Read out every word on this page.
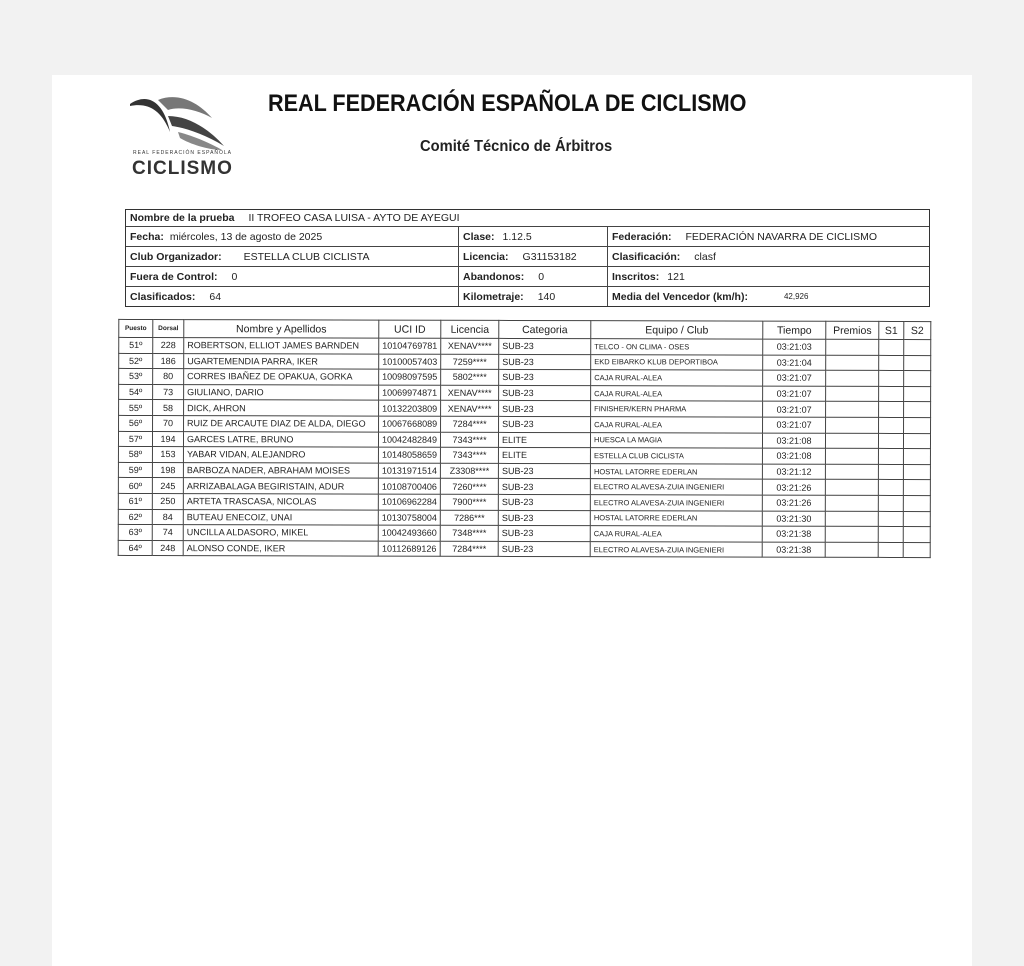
REAL FEDERACIÓN ESPAÑOLA
CICLISMO
REAL FEDERACIÓN ESPAÑOLA DE CICLISMO
Comité Técnico de Árbitros
Nombre de la prueba II TROFEO CASA LUISA - AYTO DE AYEGUI
Fecha: miércoles, 13 de agosto de 2025	Clase: 1.12.5	Federación: FEDERACIÓN NAVARRA DE CICLISMO
Club Organizador: ESTELLA CLUB CICLISTA	Licencia: G31153182	Clasificación: clasf
Fuera de Control: 0	Abandonos: 0	Inscritos: 121
Clasificados: 64	Kilometraje: 140	Media del Vencedor (km/h):	42,926
Puesto	Dorsal	Nombre y Apellidos	UCI ID	Licencia	Categoria	Equipo / Club	Tiempo	Premios	S1	S2
51º	228	ROBERTSON, ELLIOT JAMES BARNDEN	10104769781	XENAV****	SUB-23	TELCO - ON CLIMA - OSES	03:21:03			
52º	186	UGARTEMENDIA PARRA, IKER	10100057403	7259****	SUB-23	EKD EIBARKO KLUB DEPORTIBOA	03:21:04			
53º	80	CORRES IBAÑEZ DE OPAKUA, GORKA	10098097595	5802****	SUB-23	CAJA RURAL-ALEA	03:21:07			
54º	73	GIULIANO, DARIO	10069974871	XENAV****	SUB-23	CAJA RURAL-ALEA	03:21:07			
55º	58	DICK, AHRON	10132203809	XENAV****	SUB-23	FINISHER/KERN PHARMA	03:21:07			
56º	70	RUIZ DE ARCAUTE DIAZ DE ALDA, DIEGO	10067668089	7284****	SUB-23	CAJA RURAL-ALEA	03:21:07			
57º	194	GARCES LATRE, BRUNO	10042482849	7343****	ELITE	HUESCA LA MAGIA	03:21:08			
58º	153	YABAR VIDAN, ALEJANDRO	10148058659	7343****	ELITE	ESTELLA CLUB CICLISTA	03:21:08			
59º	198	BARBOZA NADER, ABRAHAM MOISES	10131971514	Z3308****	SUB-23	HOSTAL LATORRE EDERLAN	03:21:12			
60º	245	ARRIZABALAGA BEGIRISTAIN, ADUR	10108700406	7260****	SUB-23	ELECTRO ALAVESA-ZUIA INGENIERI	03:21:26			
61º	250	ARTETA TRASCASA, NICOLAS	10106962284	7900****	SUB-23	ELECTRO ALAVESA-ZUIA INGENIERI	03:21:26			
62º	84	BUTEAU ENECOIZ, UNAI	10130758004	7286***	SUB-23	HOSTAL LATORRE EDERLAN	03:21:30			
63º	74	UNCILLA ALDASORO, MIKEL	10042493660	7348****	SUB-23	CAJA RURAL-ALEA	03:21:38			
64º	248	ALONSO CONDE, IKER	10112689126	7284****	SUB-23	ELECTRO ALAVESA-ZUIA INGENIERI	03:21:38			
